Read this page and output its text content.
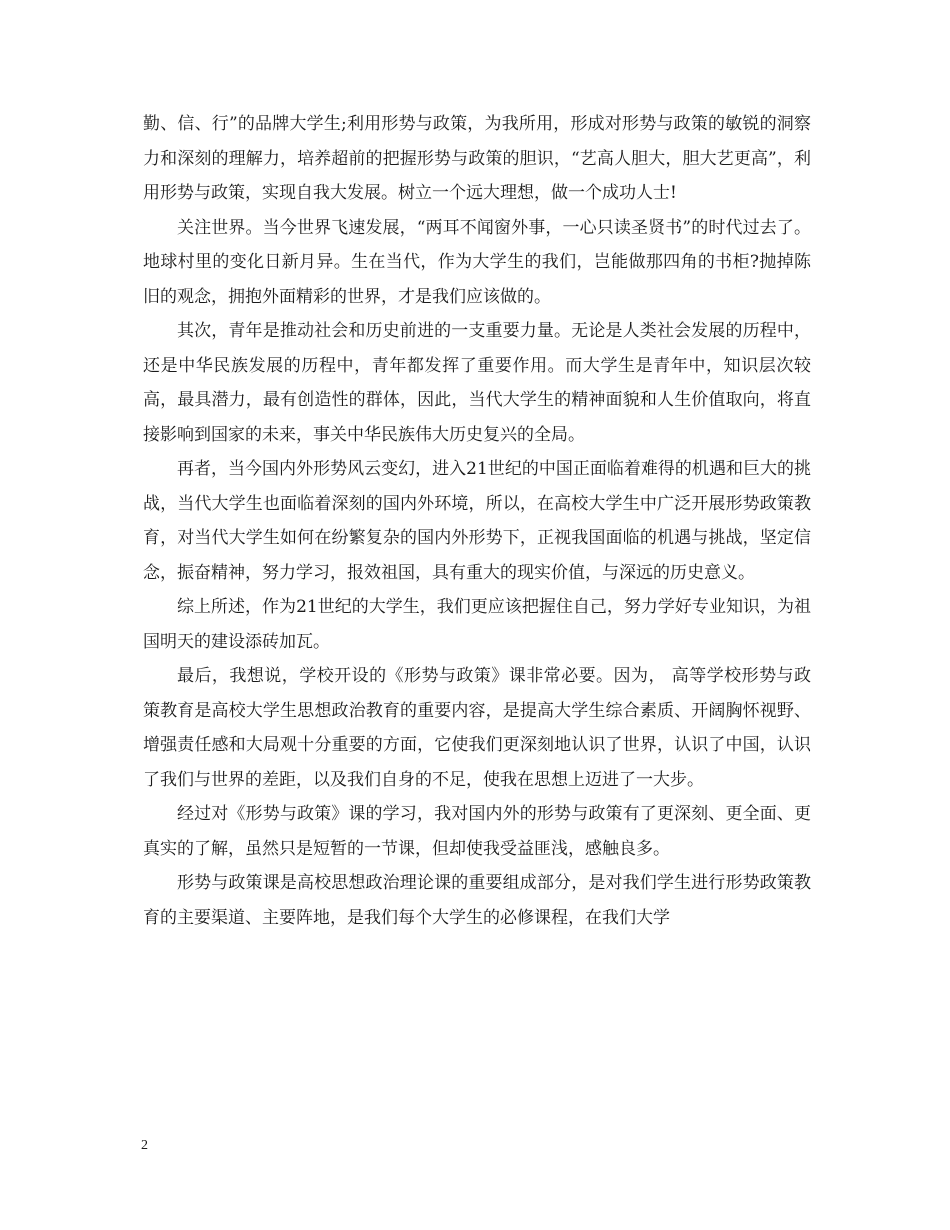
勤、信、行”的品牌大学生;利用形势与政策，为我所用，形成对形势与政策的敏锐的洞察力和深刻的理解力，培养超前的把握形势与政策的胆识，“艺高人胆大，胆大艺更高”，利用形势与政策，实现自我大发展。树立一个远大理想，做一个成功人士!

关注世界。当今世界飞速发展，“两耳不闻窗外事，一心只读圣贤书”的时代过去了。地球村里的变化日新月异。生在当代，作为大学生的我们，岂能做那四角的书柜?抛掉陈旧的观念，拥抱外面精彩的世界，才是我们应该做的。

其次，青年是推动社会和历史前进的一支重要力量。无论是人类社会发展的历程中，还是中华民族发展的历程中，青年都发挥了重要作用。而大学生是青年中，知识层次较高，最具潜力，最有创造性的群体，因此，当代大学生的精神面貌和人生价值取向，将直接影响到国家的未来，事关中华民族伟大历史复兴的全局。

再者，当今国内外形势风云变幻，进入21世纪的中国正面临着难得的机遇和巨大的挑战，当代大学生也面临着深刻的国内外环境，所以，在高校大学生中广泛开展形势政策教育，对当代大学生如何在纷繁复杂的国内外形势下，正视我国面临的机遇与挑战，坚定信念，振奋精神，努力学习，报效祖国，具有重大的现实价值，与深远的历史意义。

综上所述，作为21世纪的大学生，我们更应该把握住自己，努力学好专业知识，为祖国明天的建设添砖加瓦。

最后，我想说，学校开设的《形势与政策》课非常必要。因为， 高等学校形势与政策教育是高校大学生思想政治教育的重要内容，是提高大学生综合素质、开阔胸怀视野、增强责任感和大局观十分重要的方面，它使我们更深刻地认识了世界，认识了中国，认识了我们与世界的差距，以及我们自身的不足，使我在思想上迈进了一大步。

经过对《形势与政策》课的学习，我对国内外的形势与政策有了更深刻、更全面、更真实的了解，虽然只是短暂的一节课，但却使我受益匪浅，感触良多。

形势与政策课是高校思想政治理论课的重要组成部分，是对我们学生进行形势政策教育的主要渠道、主要阵地，是我们每个大学生的必修课程，在我们大学

2
